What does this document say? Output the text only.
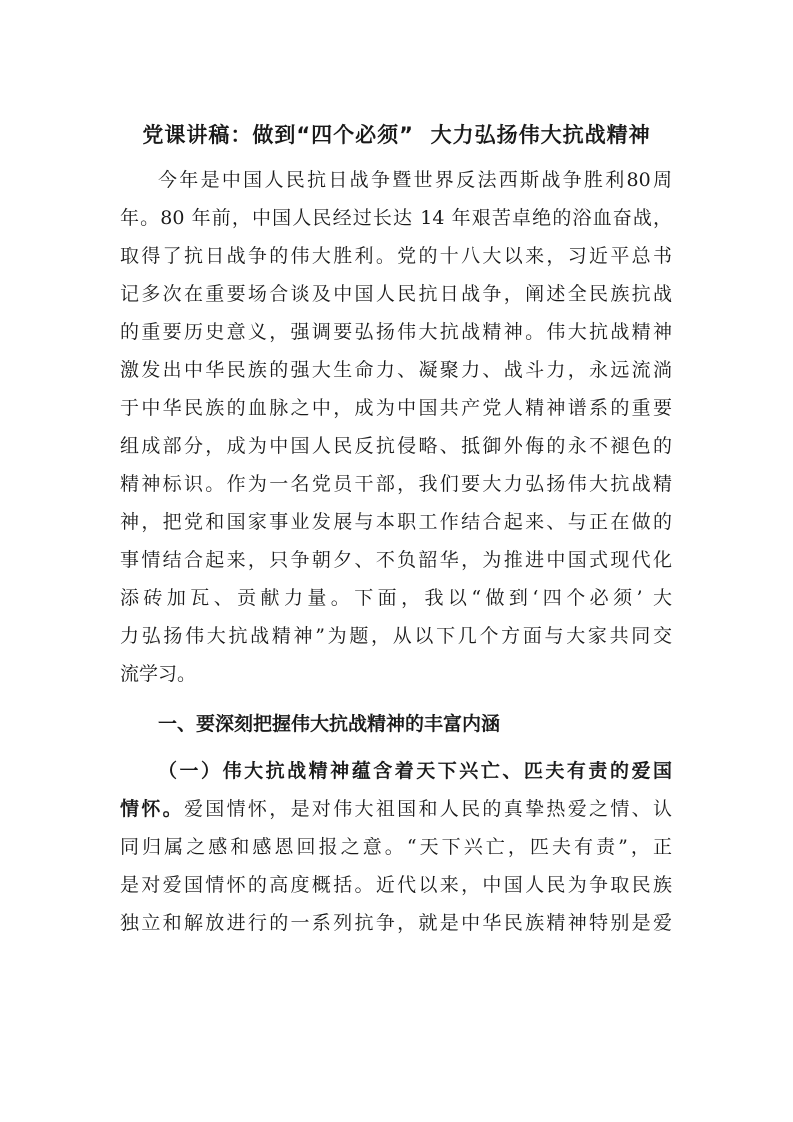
党课讲稿：做到“四个必须”  大力弘扬伟大抗战精神
今年是中国人民抗日战争暨世界反法西斯战争胜利80周
年。80 年前，中国人民经过长达 14 年艰苦卓绝的浴血奋战，
取得了抗日战争的伟大胜利。党的十八大以来，习近平总书
记多次在重要场合谈及中国人民抗日战争，阐述全民族抗战
的重要历史意义，强调要弘扬伟大抗战精神。伟大抗战精神
激发出中华民族的强大生命力、凝聚力、战斗力，永远流淌
于中华民族的血脉之中，成为中国共产党人精神谱系的重要
组成部分，成为中国人民反抗侵略、抵御外侮的永不褪色的
精神标识。作为一名党员干部，我们要大力弘扬伟大抗战精
神，把党和国家事业发展与本职工作结合起来、与正在做的
事情结合起来，只争朝夕、不负韶华，为推进中国式现代化
添砖加瓦、贡献力量。下面，我以“做到‘四个必须’ 大
力弘扬伟大抗战精神”为题，从以下几个方面与大家共同交
流学习。
一、要深刻把握伟大抗战精神的丰富内涵
（一）伟大抗战精神蕴含着天下兴亡、匹夫有责的爱国
情怀。爱国情怀，是对伟大祖国和人民的真挚热爱之情、认
同归属之感和感恩回报之意。“天下兴亡，匹夫有责”，正
是对爱国情怀的高度概括。近代以来，中国人民为争取民族
独立和解放进行的一系列抗争，就是中华民族精神特别是爱
